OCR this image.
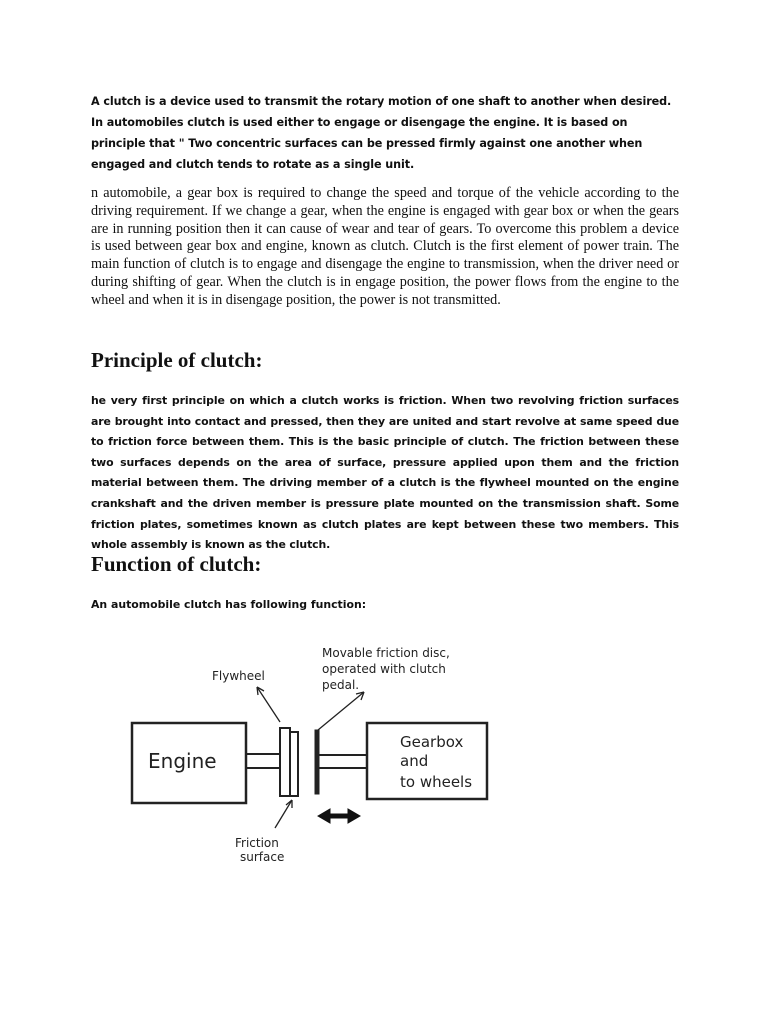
A clutch is a device used to transmit the rotary motion of one shaft to another when desired. In automobiles clutch is used either to engage or disengage the engine. It is based on principle that " Two concentric surfaces can be pressed firmly against one another when engaged and clutch tends to rotate as a single unit.

n automobile, a gear box is required to change the speed and torque of the vehicle according to the driving requirement. If we change a gear, when the engine is engaged with gear box or when the gears are in running position then it can cause of wear and tear of gears. To overcome this problem a device is used between gear box and engine, known as clutch. Clutch is the first element of power train. The main function of clutch is to engage and disengage the engine to transmission, when the driver need or during shifting of gear. When the clutch is in engage position, the power flows from the engine to the wheel and when it is in disengage position, the power is not transmitted.

Principle of clutch:

he very first principle on which a clutch works is friction. When two revolving friction surfaces are brought into contact and pressed, then they are united and start revolve at same speed due to friction force between them. This is the basic principle of clutch. The friction between these two surfaces depends on the area of surface, pressure applied upon them and the friction material between them. The driving member of a clutch is the flywheel mounted on the engine crankshaft and the driven member is pressure plate mounted on the transmission shaft. Some friction plates, sometimes known as clutch plates are kept between these two members. This whole assembly is known as the clutch.

Function of clutch:

An automobile clutch has following function:

Engine
Gearbox
and
to wheels
Flywheel
Movable friction disc,
operated with clutch
pedal.
Friction
surface
